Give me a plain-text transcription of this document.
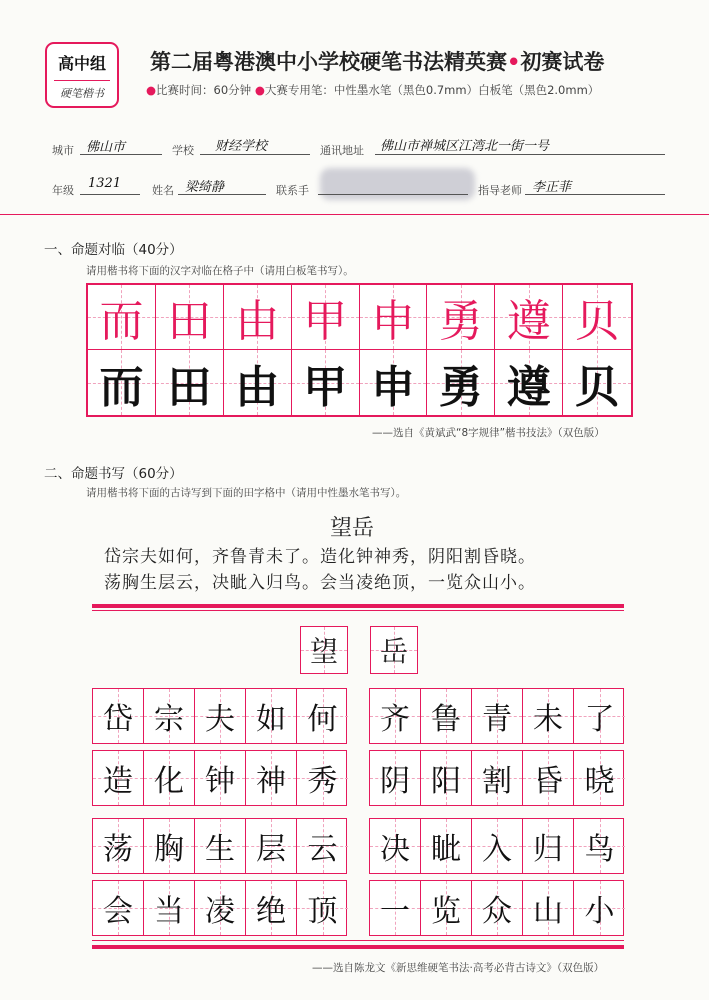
高中组
硬笔楷书
第二届粤港澳中小学校硬笔书法精英赛•初赛试卷
●比赛时间：60分钟 ●大赛专用笔：中性墨水笔（黑色0.7mm）白板笔（黑色2.0mm）
城市 佛山市	学校 财经学校	通讯地址 佛山市禅城区江湾北一街一号
年级 1321	姓名 梁绮静	联系手	指导老师 李正菲
一、命题对临（40分）
请用楷书将下面的汉字对临在格子中（请用白板笔书写）。
而 田 由 甲 申 勇 遵 贝
而 田 由 甲 申 勇 遵 贝
——选自《黄斌武“8字规律”楷书技法》（双色版）
二、命题书写（60分）
请用楷书将下面的古诗写到下面的田字格中（请用中性墨水笔书写）。
望岳
岱宗夫如何，齐鲁青未了。造化钟神秀，阴阳割昏晓。
荡胸生层云，决眦入归鸟。会当凌绝顶，一览众山小。
望 岳
岱 宗 夫 如 何 齐 鲁 青 未 了
造 化 钟 神 秀 阴 阳 割 昏 晓
荡 胸 生 层 云 决 眦 入 归 鸟
会 当 凌 绝 顶 一 览 众 山 小
——选自陈龙文《新思维硬笔书法·高考必背古诗文》（双色版）
